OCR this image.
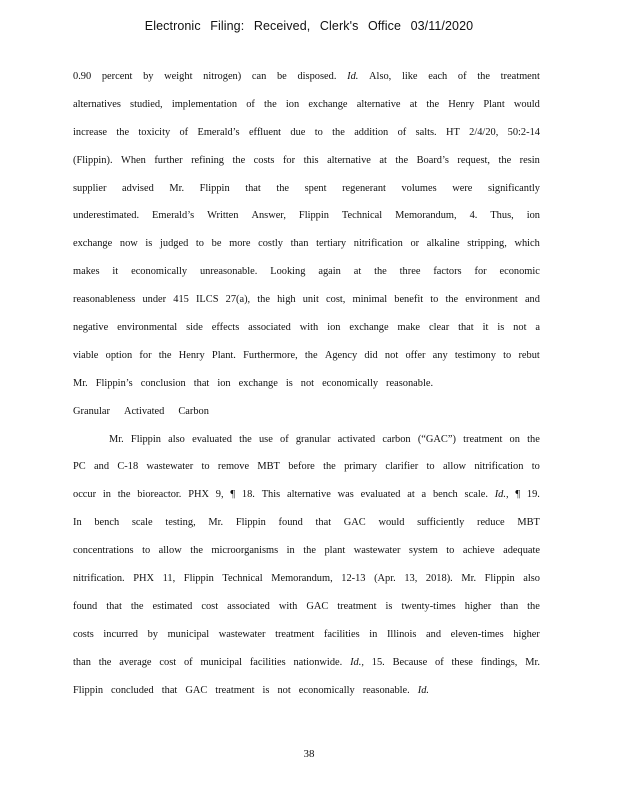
Electronic Filing: Received, Clerk's Office 03/11/2020
0.90 percent by weight nitrogen) can be disposed. Id. Also, like each of the treatment
alternatives studied, implementation of the ion exchange alternative at the Henry Plant would
increase the toxicity of Emerald’s effluent due to the addition of salts. HT 2/4/20, 50:2-14
(Flippin). When further refining the costs for this alternative at the Board’s request, the resin
supplier advised Mr. Flippin that the spent regenerant volumes were significantly
underestimated. Emerald’s Written Answer, Flippin Technical Memorandum, 4. Thus, ion
exchange now is judged to be more costly than tertiary nitrification or alkaline stripping, which
makes it economically unreasonable. Looking again at the three factors for economic
reasonableness under 415 ILCS 27(a), the high unit cost, minimal benefit to the environment and
negative environmental side effects associated with ion exchange make clear that it is not a
viable option for the Henry Plant. Furthermore, the Agency did not offer any testimony to rebut
Mr. Flippin’s conclusion that ion exchange is not economically reasonable.
Granular Activated Carbon
Mr. Flippin also evaluated the use of granular activated carbon (“GAC”) treatment on the
PC and C-18 wastewater to remove MBT before the primary clarifier to allow nitrification to
occur in the bioreactor. PHX 9, ¶ 18. This alternative was evaluated at a bench scale. Id., ¶ 19.
In bench scale testing, Mr. Flippin found that GAC would sufficiently reduce MBT
concentrations to allow the microorganisms in the plant wastewater system to achieve adequate
nitrification. PHX 11, Flippin Technical Memorandum, 12-13 (Apr. 13, 2018). Mr. Flippin also
found that the estimated cost associated with GAC treatment is twenty-times higher than the
costs incurred by municipal wastewater treatment facilities in Illinois and eleven-times higher
than the average cost of municipal facilities nationwide. Id., 15. Because of these findings, Mr.
Flippin concluded that GAC treatment is not economically reasonable. Id.
38
